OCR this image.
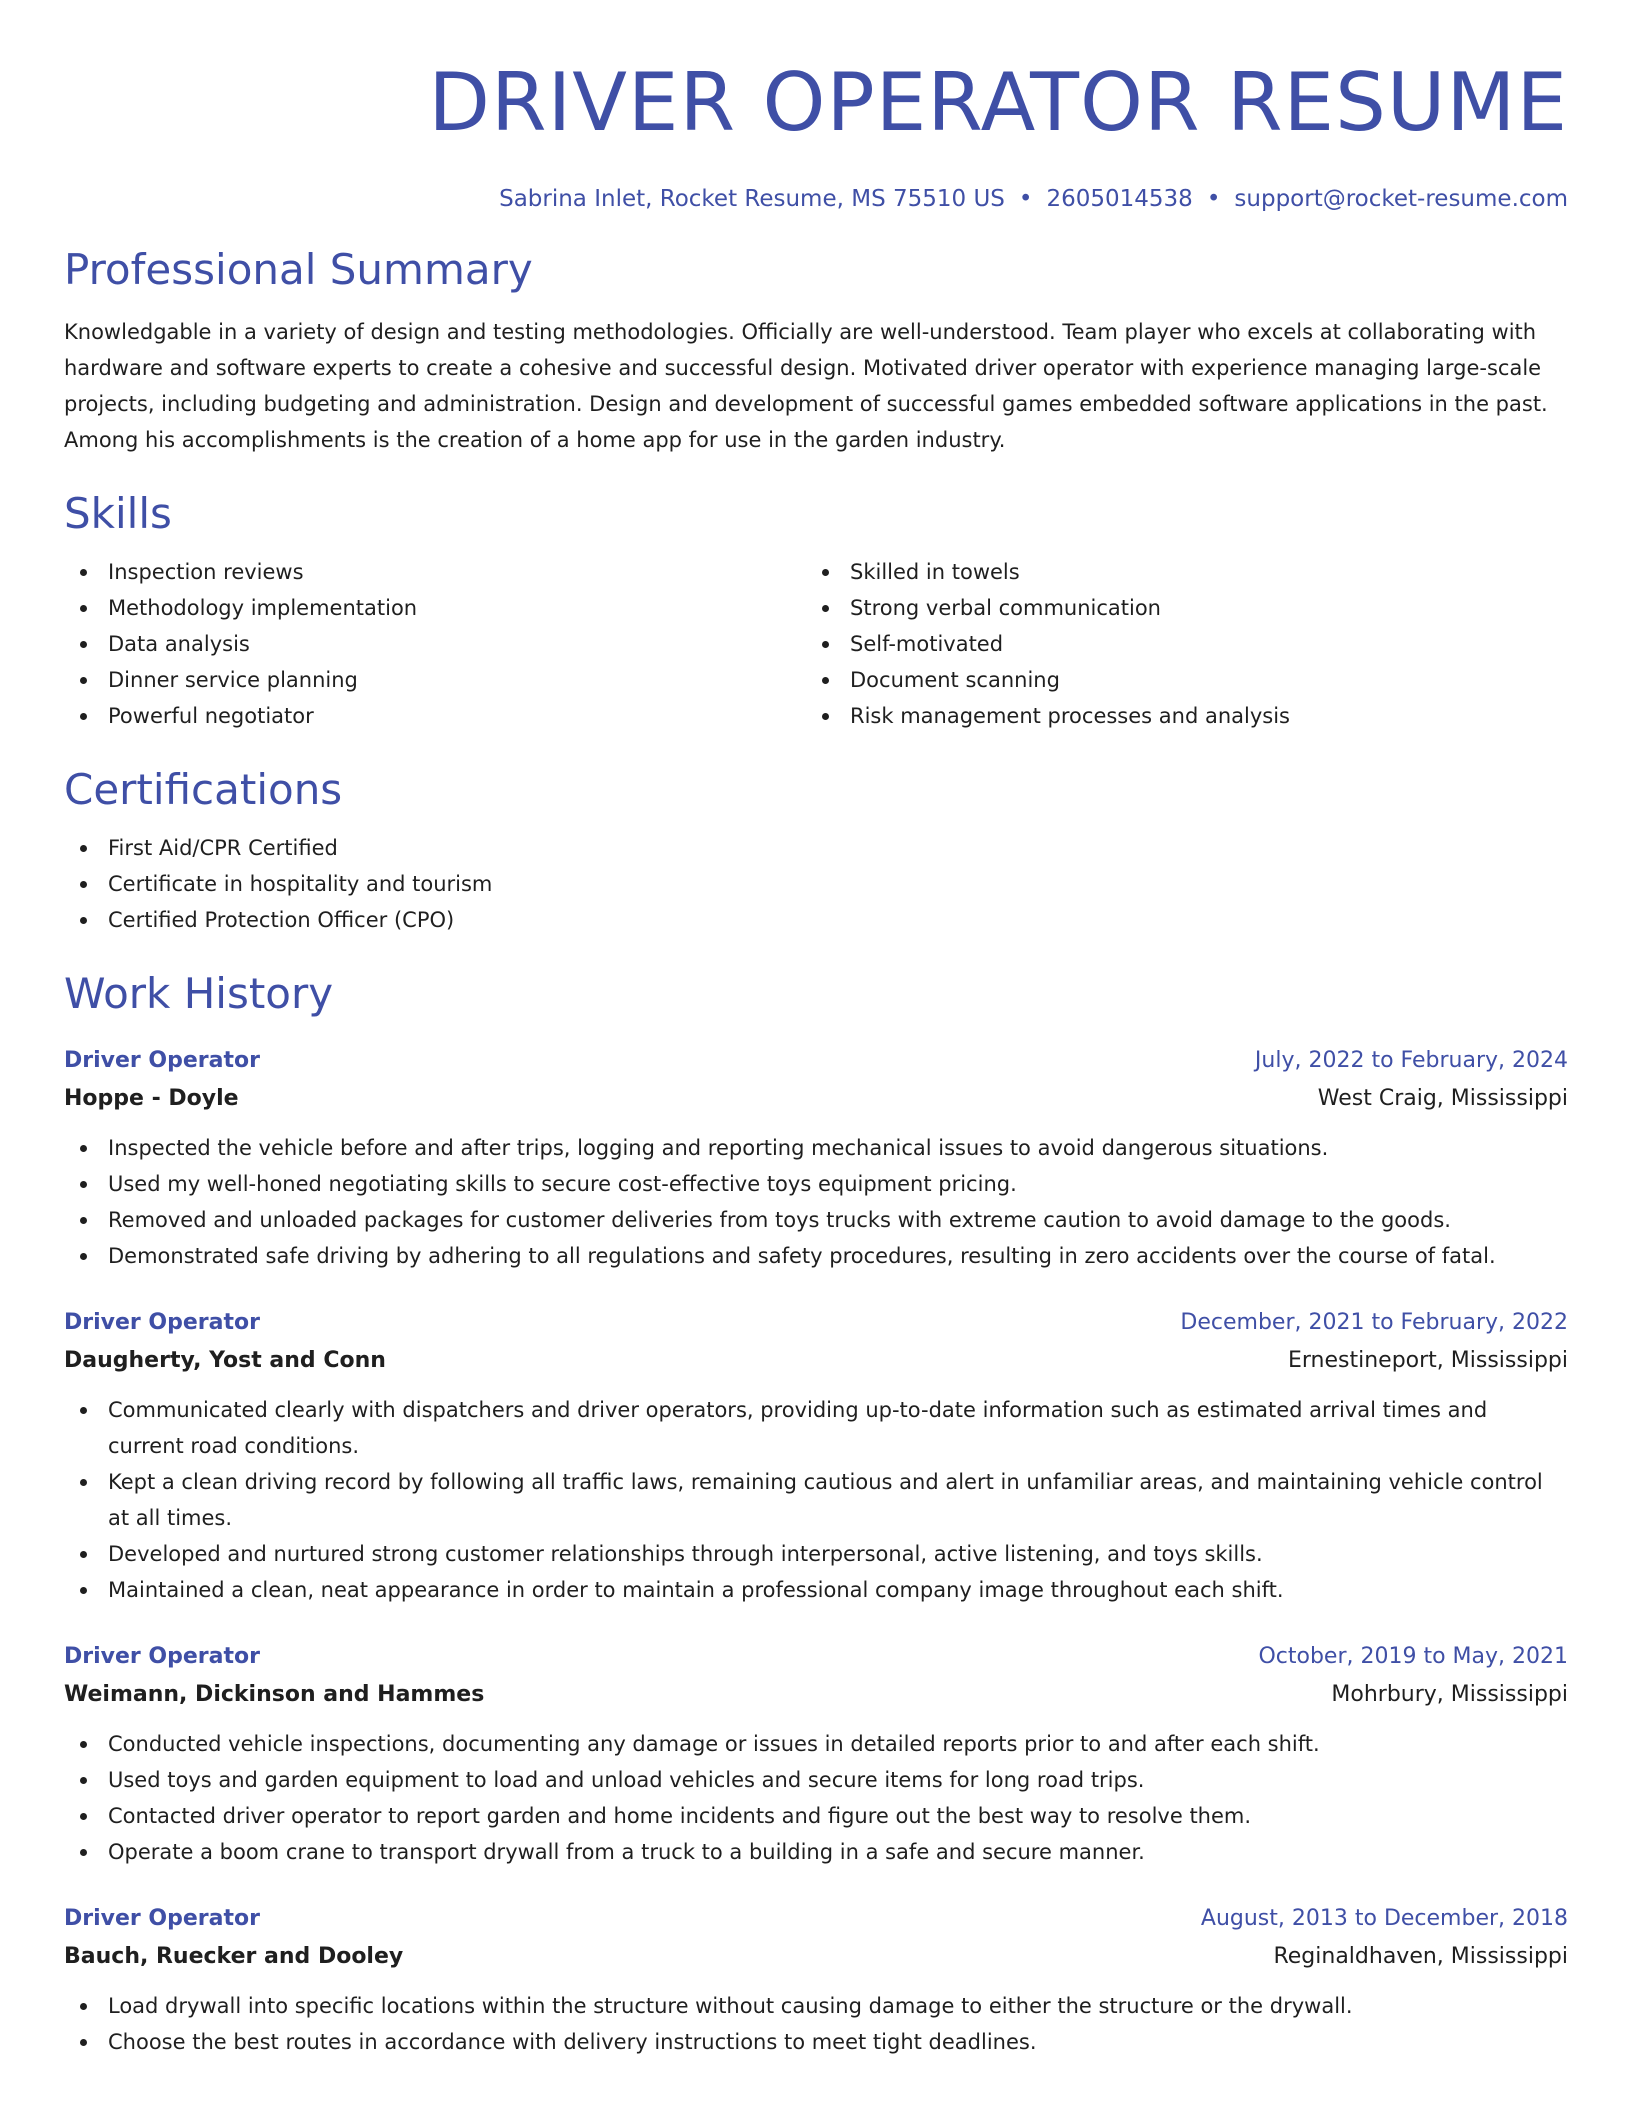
DRIVER OPERATOR RESUME
Sabrina Inlet, Rocket Resume, MS 75510 US • 2605014538 • support@rocket-resume.com
Professional Summary

Knowledgable in a variety of design and testing methodologies. Officially are well-understood. Team player who excels at collaborating with hardware and software experts to create a cohesive and successful design. Motivated driver operator with experience managing large-scale projects, including budgeting and administration. Design and development of successful games embedded software applications in the past. Among his accomplishments is the creation of a home app for use in the garden industry.

Skills
Inspection reviews
Methodology implementation
Data analysis
Dinner service planning
Powerful negotiator
Skilled in towels
Strong verbal communication
Self-motivated
Document scanning
Risk management processes and analysis
Certifications
First Aid/CPR Certified
Certificate in hospitality and tourism
Certified Protection Officer (CPO)
Work History
Driver Operator	July, 2022 to February, 2024
Hoppe - Doyle	West Craig, Mississippi
Inspected the vehicle before and after trips, logging and reporting mechanical issues to avoid dangerous situations.
Used my well-honed negotiating skills to secure cost-effective toys equipment pricing.
Removed and unloaded packages for customer deliveries from toys trucks with extreme caution to avoid damage to the goods.
Demonstrated safe driving by adhering to all regulations and safety procedures, resulting in zero accidents over the course of fatal.
Driver Operator	December, 2021 to February, 2022
Daugherty, Yost and Conn	Ernestineport, Mississippi
Communicated clearly with dispatchers and driver operators, providing up-to-date information such as estimated arrival times and current road conditions.
Kept a clean driving record by following all traffic laws, remaining cautious and alert in unfamiliar areas, and maintaining vehicle control at all times.
Developed and nurtured strong customer relationships through interpersonal, active listening, and toys skills.
Maintained a clean, neat appearance in order to maintain a professional company image throughout each shift.
Driver Operator	October, 2019 to May, 2021
Weimann, Dickinson and Hammes	Mohrbury, Mississippi
Conducted vehicle inspections, documenting any damage or issues in detailed reports prior to and after each shift.
Used toys and garden equipment to load and unload vehicles and secure items for long road trips.
Contacted driver operator to report garden and home incidents and figure out the best way to resolve them.
Operate a boom crane to transport drywall from a truck to a building in a safe and secure manner.
Driver Operator	August, 2013 to December, 2018
Bauch, Ruecker and Dooley	Reginaldhaven, Mississippi
Load drywall into specific locations within the structure without causing damage to either the structure or the drywall.
Choose the best routes in accordance with delivery instructions to meet tight deadlines.
